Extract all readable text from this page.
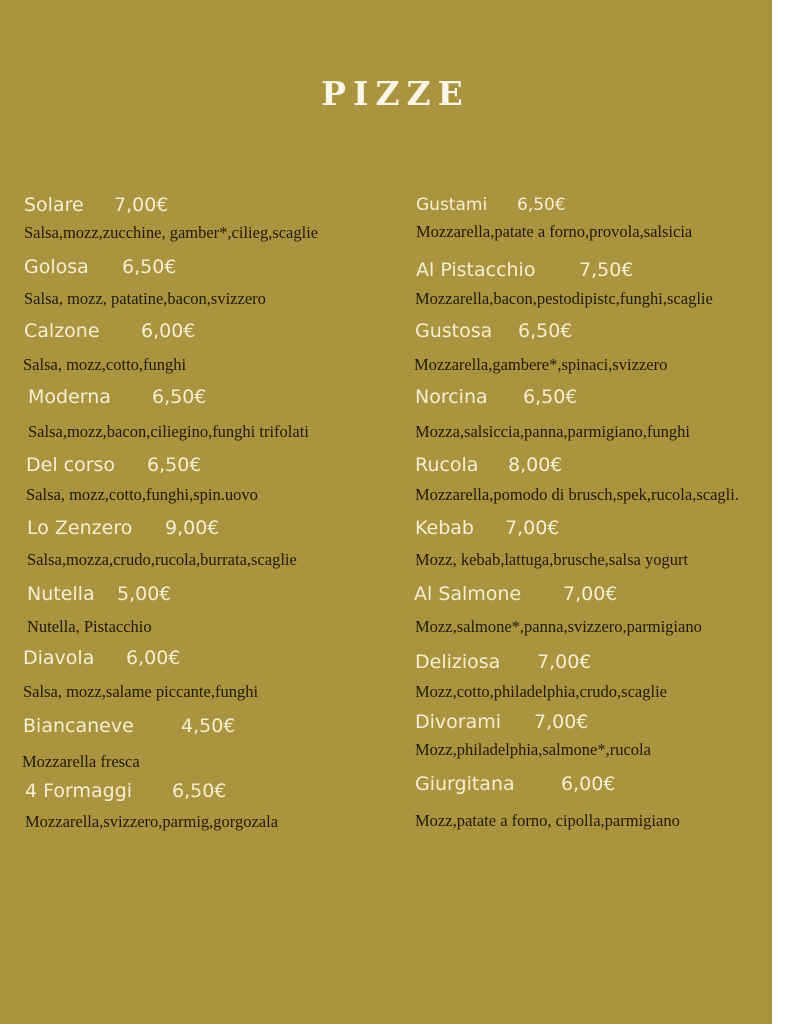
PIZZE
Solare 7,00€
Salsa,mozz,zucchine, gamber*,cilieg,scaglie
Golosa 6,50€
Salsa, mozz, patatine,bacon,svizzero
Calzone 6,00€
Salsa, mozz,cotto,funghi
Moderna 6,50€
Salsa,mozz,bacon,ciliegino,funghi trifolati
Del corso 6,50€
Salsa, mozz,cotto,funghi,spin.uovo
Lo Zenzero 9,00€
Salsa,mozza,crudo,rucola,burrata,scaglie
Nutella 5,00€
Nutella, Pistacchio
Diavola 6,00€
Salsa, mozz,salame piccante,funghi
Biancaneve 4,50€
Mozzarella fresca
4 Formaggi 6,50€
Mozzarella,svizzero,parmig,gorgozala
Gustami 6,50€
Mozzarella,patate a forno,provola,salsicia
Al Pistacchio 7,50€
Mozzarella,bacon,pestodipistc,funghi,scaglie
Gustosa 6,50€
Mozzarella,gambere*,spinaci,svizzero
Norcina 6,50€
Mozza,salsiccia,panna,parmigiano,funghi
Rucola 8,00€
Mozzarella,pomodo di brusch,spek,rucola,scagli.
Kebab 7,00€
Mozz, kebab,lattuga,brusche,salsa yogurt
Al Salmone 7,00€
Mozz,salmone*,panna,svizzero,parmigiano
Deliziosa 7,00€
Mozz,cotto,philadelphia,crudo,scaglie
Divorami 7,00€
Mozz,philadelphia,salmone*,rucola
Giurgitana 6,00€
Mozz,patate a forno, cipolla,parmigiano
